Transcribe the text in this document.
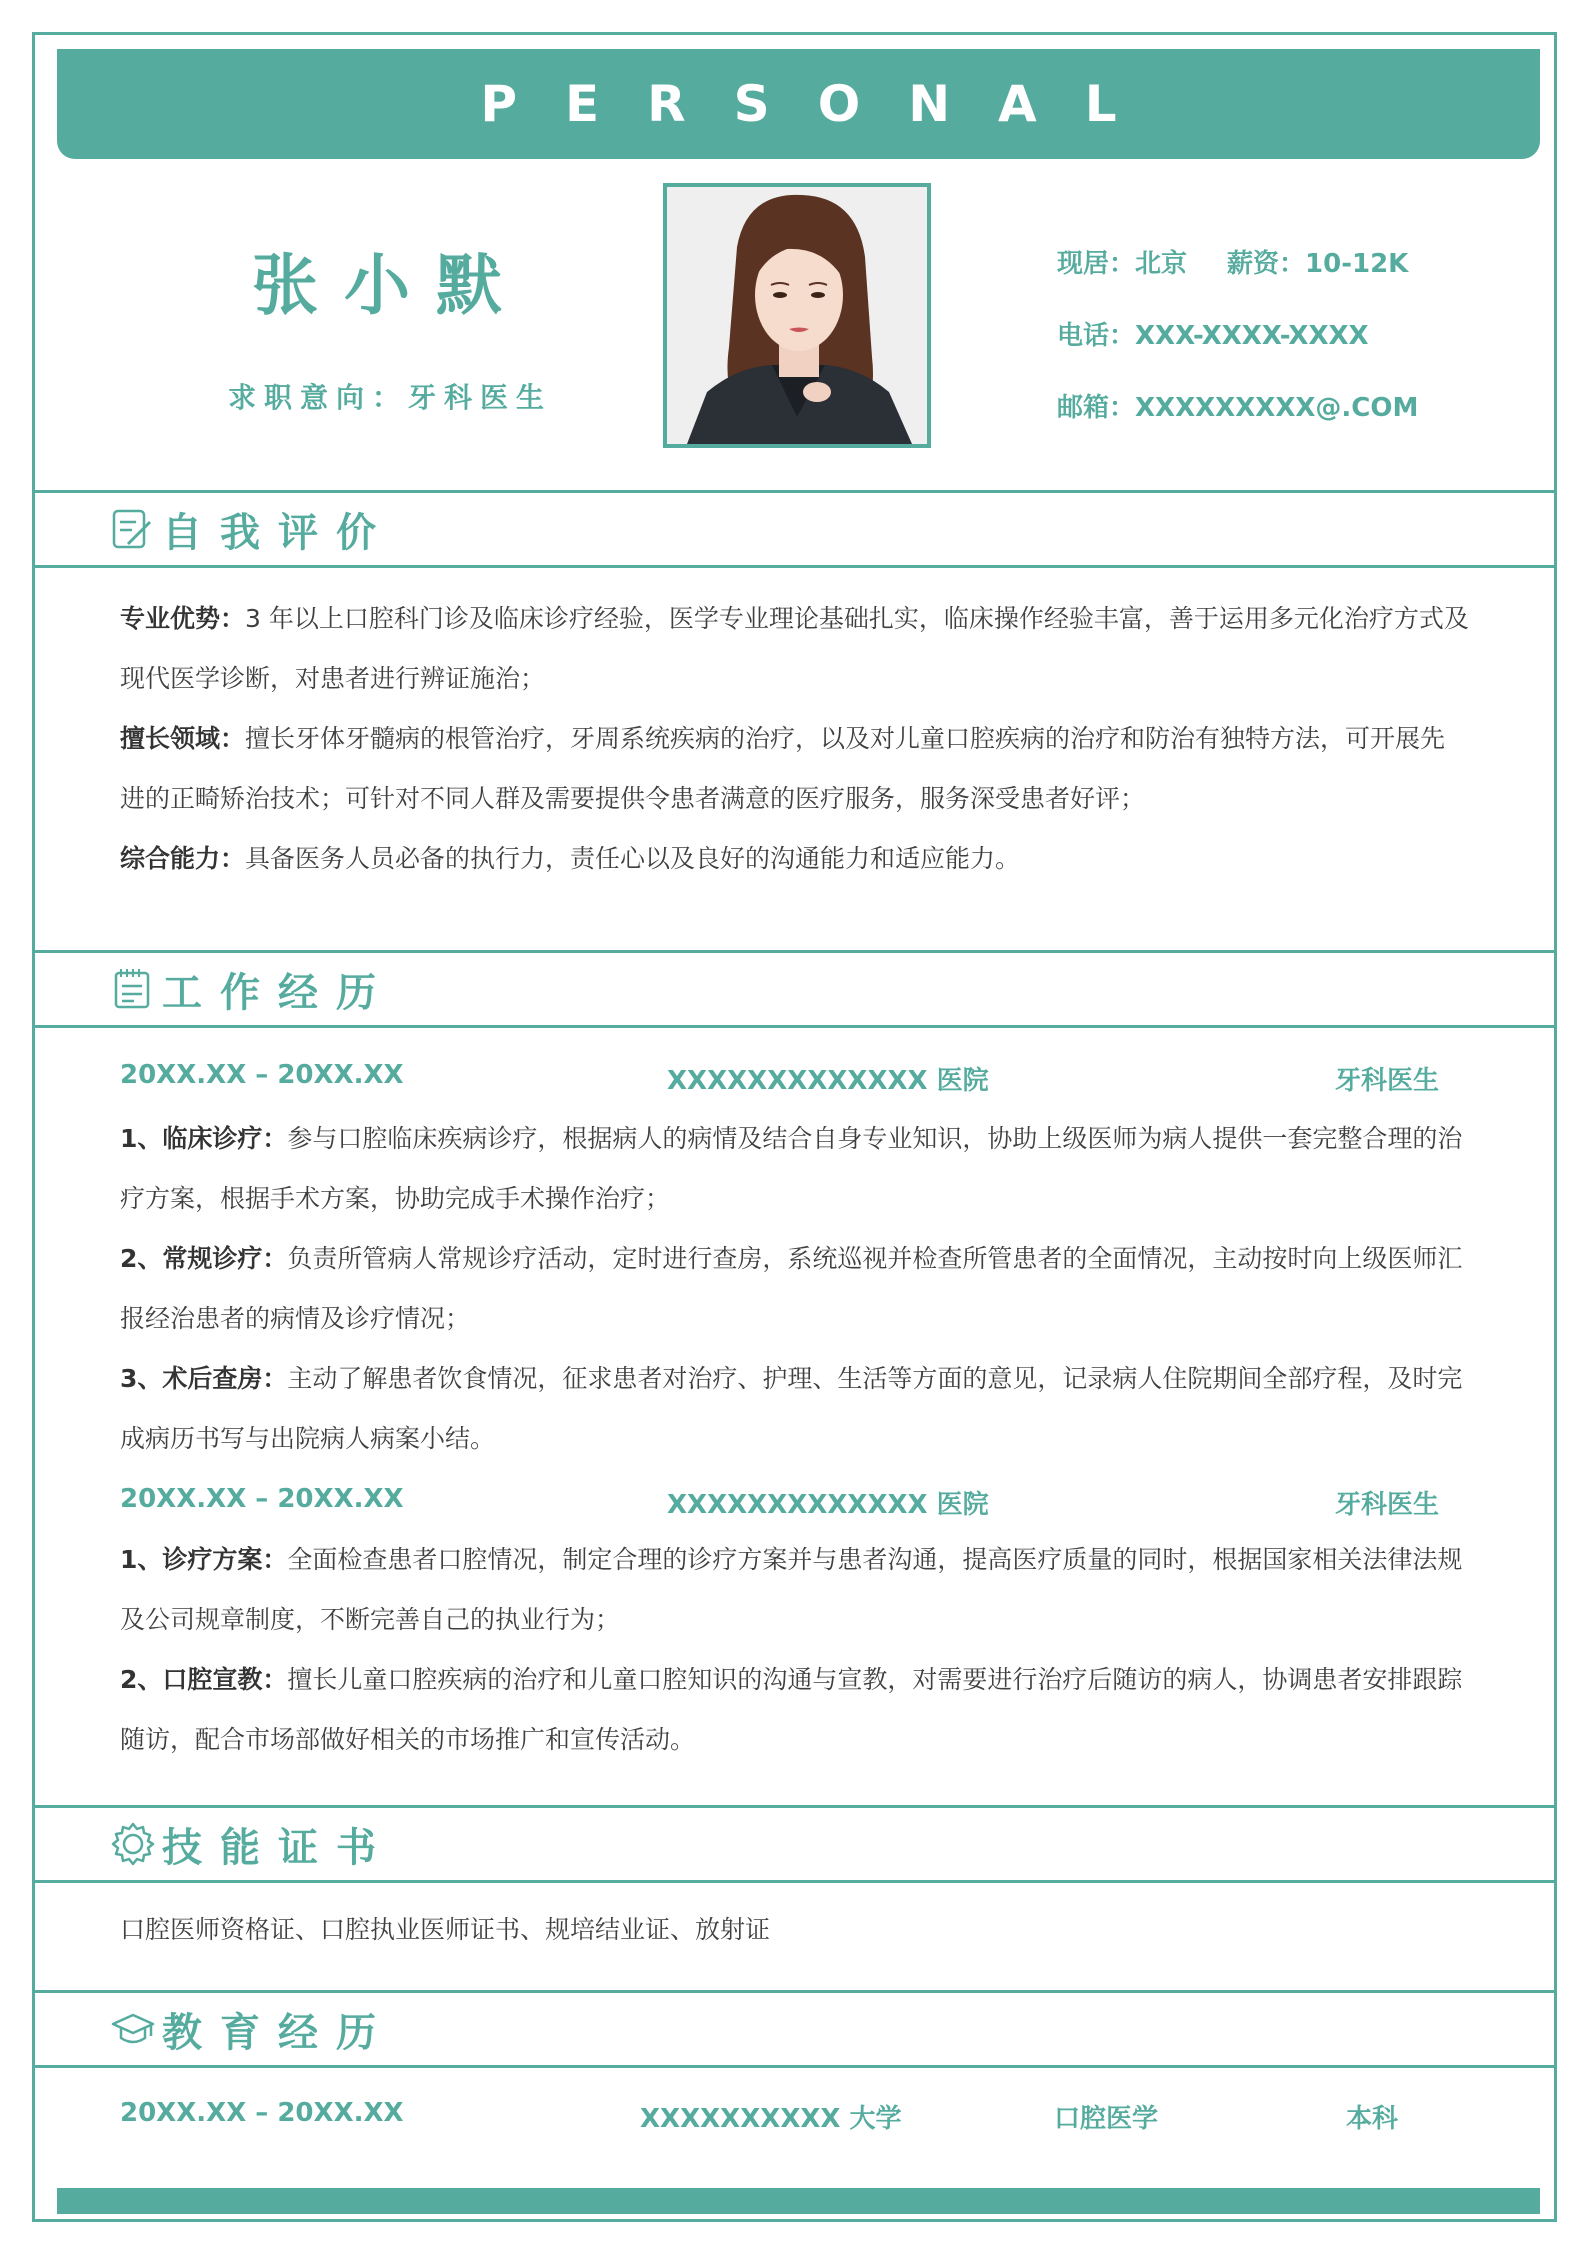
PERSONAL
张小默
求职意向：牙科医生
现居：北京 薪资：10-12K
电话：XXX-XXXX-XXXX
邮箱：XXXXXXXXX@.COM
自我评价

专业优势：3 年以上口腔科门诊及临床诊疗经验，医学专业理论基础扎实，临床操作经验丰富，善于运用多元化治疗方式及现代医学诊断，对患者进行辨证施治；

擅长领域：擅长牙体牙髓病的根管治疗，牙周系统疾病的治疗，以及对儿童口腔疾病的治疗和防治有独特方法，可开展先进的正畸矫治技术；可针对不同人群及需要提供令患者满意的医疗服务，服务深受患者好评；

综合能力：具备医务人员必备的执行力，责任心以及良好的沟通能力和适应能力。

工作经历
20XX.XX – 20XX.XX	XXXXXXXXXXXXX 医院	牙科医生

1、临床诊疗：参与口腔临床疾病诊疗，根据病人的病情及结合自身专业知识，协助上级医师为病人提供一套完整合理的治疗方案，根据手术方案，协助完成手术操作治疗；

2、常规诊疗：负责所管病人常规诊疗活动，定时进行查房，系统巡视并检查所管患者的全面情况，主动按时向上级医师汇报经治患者的病情及诊疗情况；

3、术后查房：主动了解患者饮食情况，征求患者对治疗、护理、生活等方面的意见，记录病人住院期间全部疗程，及时完成病历书写与出院病人病案小结。

20XX.XX – 20XX.XX	XXXXXXXXXXXXX 医院	牙科医生

1、诊疗方案：全面检查患者口腔情况，制定合理的诊疗方案并与患者沟通，提高医疗质量的同时，根据国家相关法律法规及公司规章制度，不断完善自己的执业行为；

2、口腔宣教：擅长儿童口腔疾病的治疗和儿童口腔知识的沟通与宣教，对需要进行治疗后随访的病人，协调患者安排跟踪随访，配合市场部做好相关的市场推广和宣传活动。

技能证书
口腔医师资格证、口腔执业医师证书、规培结业证、放射证
教育经历
20XX.XX – 20XX.XX	XXXXXXXXXX 大学	口腔医学	本科
